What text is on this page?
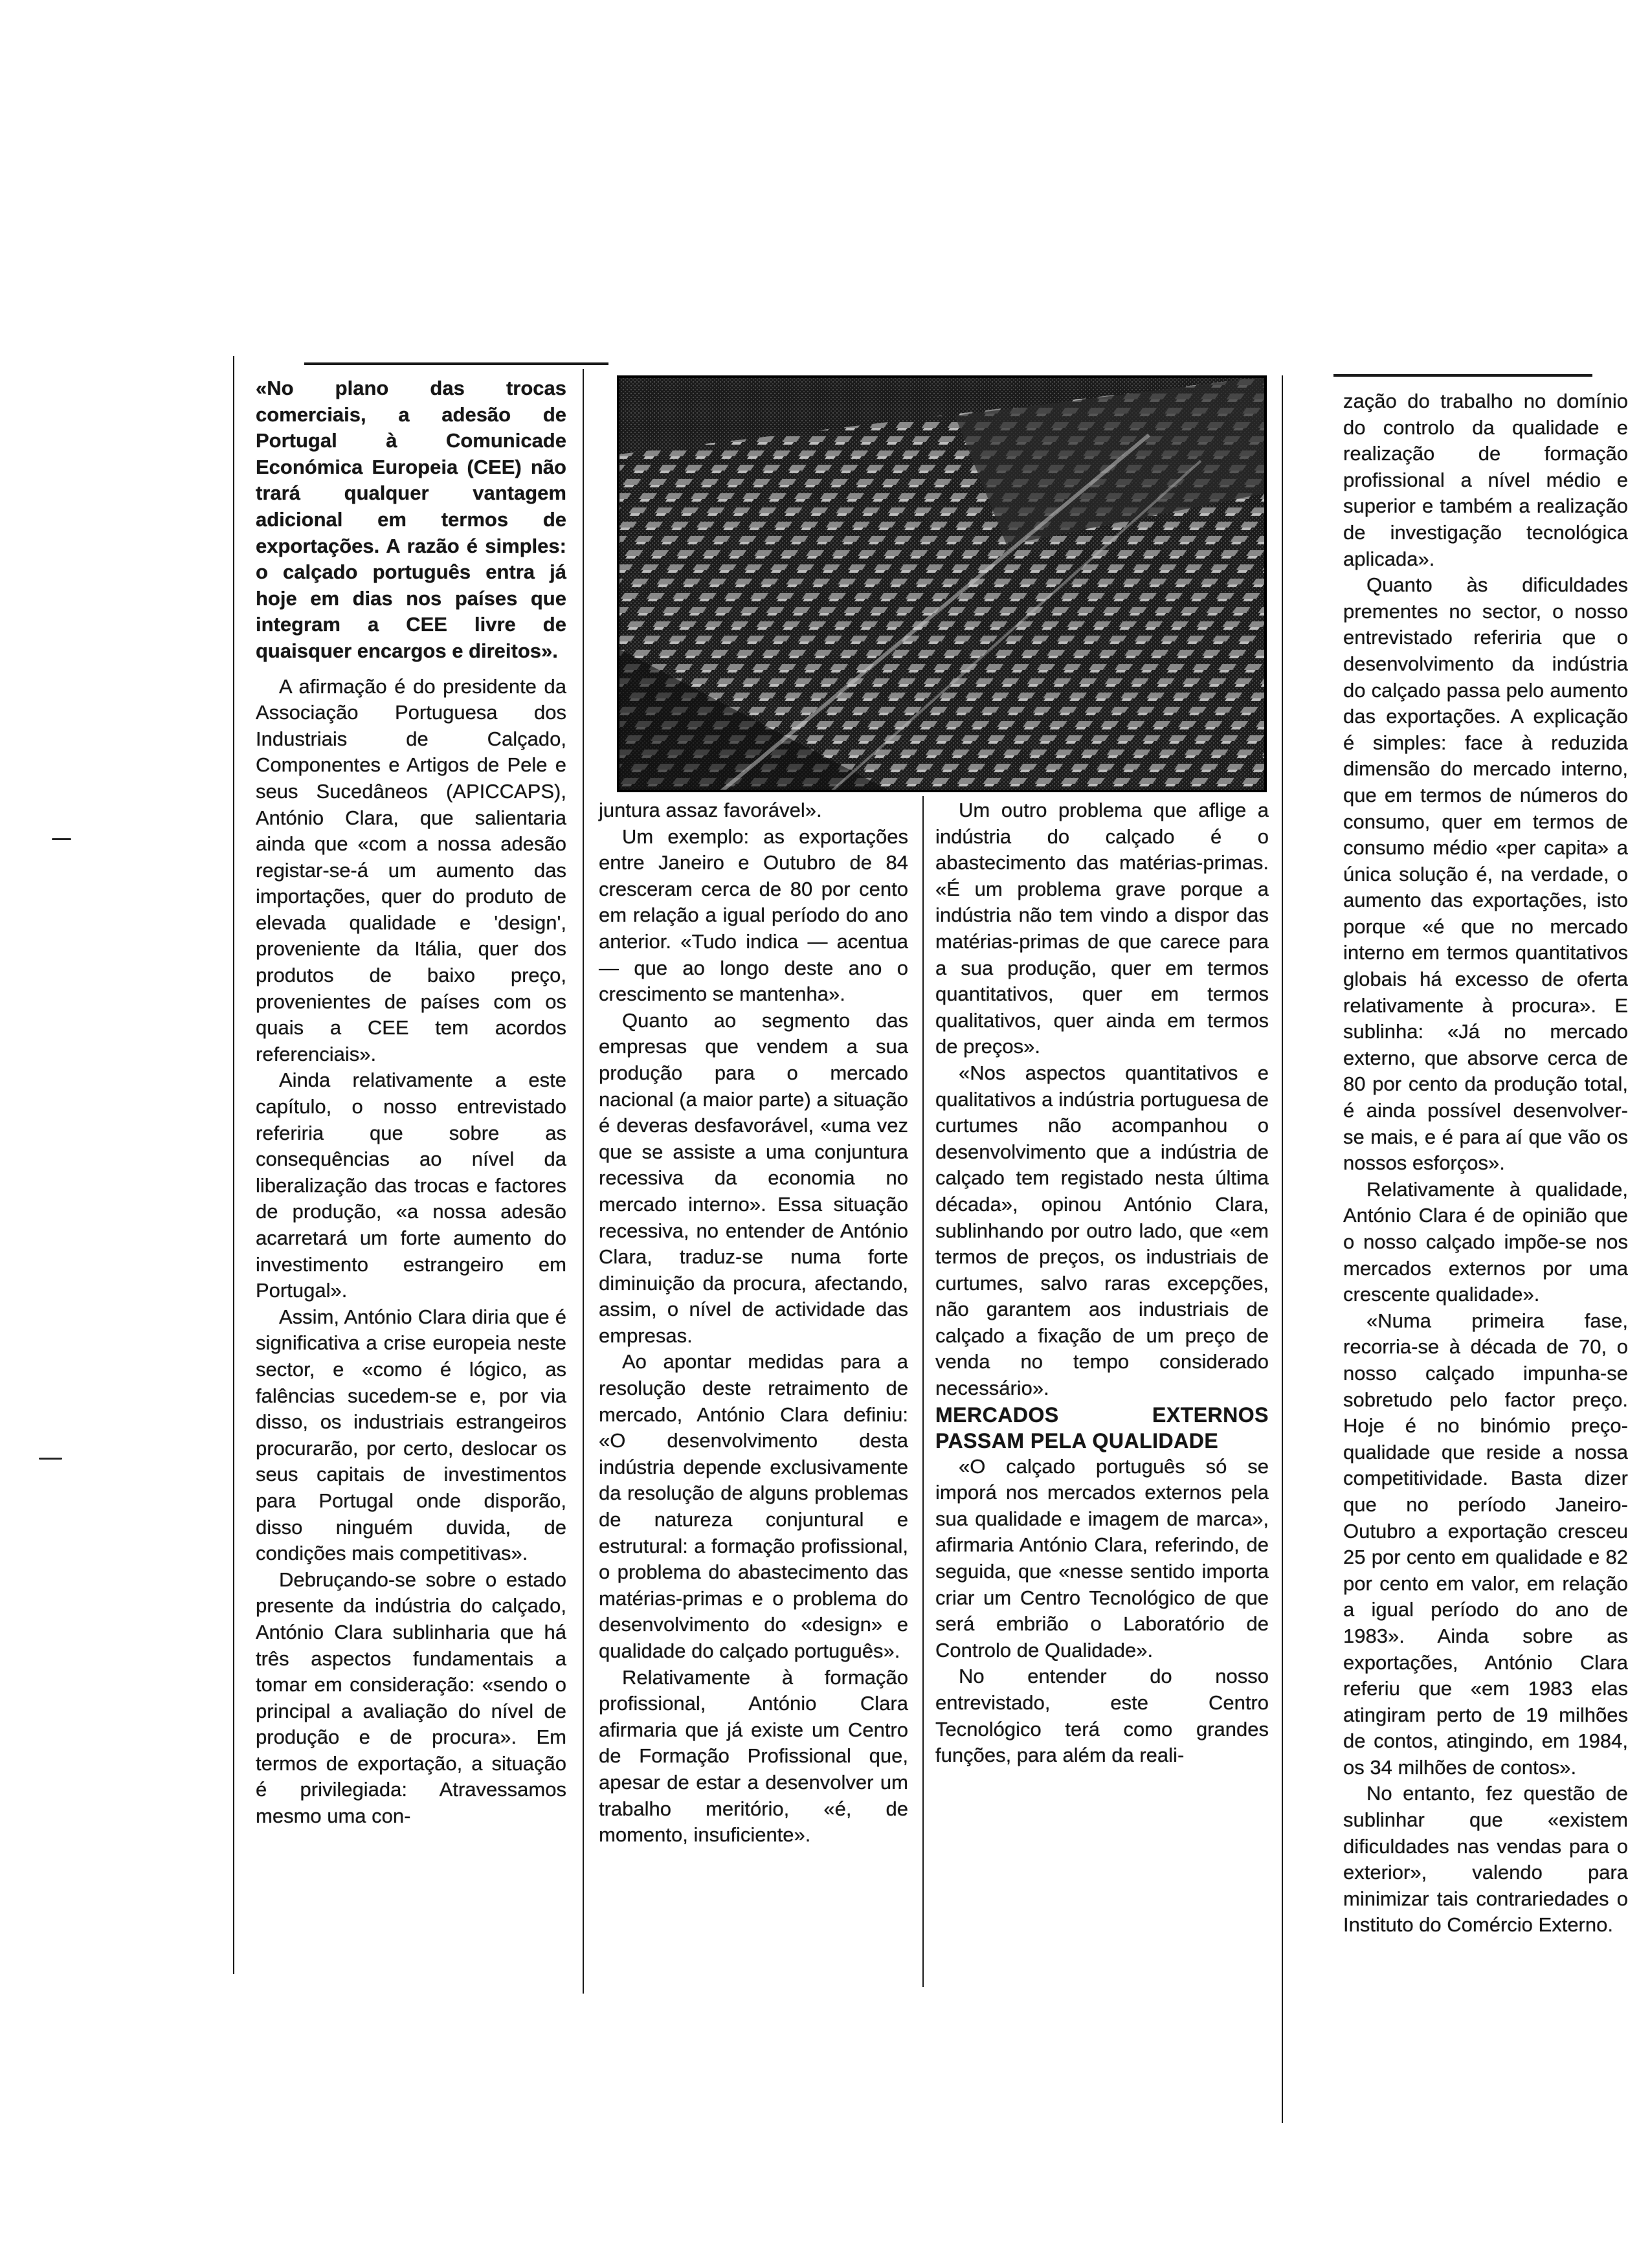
«No plano das trocas comerciais, a adesão de Portugal à Comunicade Económica Europeia (CEE) não trará qualquer vantagem adicional em termos de exportações. A razão é simples: o calçado português entra já hoje em dias nos países que integram a CEE livre de quaisquer encargos e direitos».

A afirmação é do presidente da Associação Portuguesa dos Industriais de Calçado, Componentes e Artigos de Pele e seus Sucedâneos (APICCAPS), António Clara, que salientaria ainda que «com a nossa adesão registar-se-á um aumento das importações, quer do produto de elevada qualidade e 'design', proveniente da Itália, quer dos produtos de baixo preço, provenientes de países com os quais a CEE tem acordos referenciais».

Ainda relativamente a este capítulo, o nosso entrevistado referiria que sobre as consequências ao nível da liberalização das trocas e factores de produção, «a nossa adesão acarretará um forte aumento do investimento estrangeiro em Portugal».

Assim, António Clara diria que é significativa a crise europeia neste sector, e «como é lógico, as falências sucedem-se e, por via disso, os industriais estrangeiros procurarão, por certo, deslocar os seus capitais de investimentos para Portugal onde disporão, disso ninguém duvida, de condições mais competitivas».

Debruçando-se sobre o estado presente da indústria do calçado, António Clara sublinharia que há três aspectos fundamentais a tomar em consideração: «sendo o principal a avaliação do nível de produção e de procura». Em termos de exportação, a situação é privilegiada: Atravessamos mesmo uma con-

juntura assaz favorável».

Um exemplo: as exportações entre Janeiro e Outubro de 84 cresceram cerca de 80 por cento em relação a igual período do ano anterior. «Tudo indica — acentua — que ao longo deste ano o crescimento se mantenha».

Quanto ao segmento das empresas que vendem a sua produção para o mercado nacional (a maior parte) a situação é deveras desfavorável, «uma vez que se assiste a uma conjuntura recessiva da economia no mercado interno». Essa situação recessiva, no entender de António Clara, traduz-se numa forte diminuição da procura, afectando, assim, o nível de actividade das empresas.

Ao apontar medidas para a resolução deste retraimento de mercado, António Clara definiu: «O desenvolvimento desta indústria depende exclusivamente da resolução de alguns problemas de natureza conjuntural e estrutural: a formação profissional, o problema do abastecimento das matérias-primas e o problema do desenvolvimento do «design» e qualidade do calçado português».

Relativamente à formação profissional, António Clara afirmaria que já existe um Centro de Formação Profissional que, apesar de estar a desenvolver um trabalho meritório, «é, de momento, insuficiente».

Um outro problema que aflige a indústria do calçado é o abastecimento das matérias-primas. «É um problema grave porque a indústria não tem vindo a dispor das matérias-primas de que carece para a sua produção, quer em termos quantitativos, quer em termos qualitativos, quer ainda em termos de preços».

«Nos aspectos quantitativos e qualitativos a indústria portuguesa de curtumes não acompanhou o desenvolvimento que a indústria de calçado tem registado nesta última década», opinou António Clara, sublinhando por outro lado, que «em termos de preços, os industriais de curtumes, salvo raras excepções, não garantem aos industriais de calçado a fixação de um preço de venda no tempo considerado necessário».

MERCADOS EXTERNOS PASSAM PELA QUALIDADE

«O calçado português só se imporá nos mercados externos pela sua qualidade e imagem de marca», afirmaria António Clara, referindo, de seguida, que «nesse sentido importa criar um Centro Tecnológico de que será embrião o Laboratório de Controlo de Qualidade».

No entender do nosso entrevistado, este Centro Tecnológico terá como grandes funções, para além da reali-

zação do trabalho no domínio do controlo da qualidade e realização de formação profissional a nível médio e superior e também a realização de investigação tecnológica aplicada».

Quanto às dificuldades prementes no sector, o nosso entrevistado referiria que o desenvolvimento da indústria do calçado passa pelo aumento das exportações. A explicação é simples: face à reduzida dimensão do mercado interno, que em termos de números do consumo, quer em termos de consumo médio «per capita» a única solução é, na verdade, o aumento das exportações, isto porque «é que no mercado interno em termos quantitativos globais há excesso de oferta relativamente à procura». E sublinha: «Já no mercado externo, que absorve cerca de 80 por cento da produção total, é ainda possível desenvolver-se mais, e é para aí que vão os nossos esforços».

Relativamente à qualidade, António Clara é de opinião que o nosso calçado impõe-se nos mercados externos por uma crescente qualidade».

«Numa primeira fase, recorria-se à década de 70, o nosso calçado impunha-se sobretudo pelo factor preço. Hoje é no binómio preço-qualidade que reside a nossa competitividade. Basta dizer que no período Janeiro-Outubro a exportação cresceu 25 por cento em qualidade e 82 por cento em valor, em relação a igual período do ano de 1983». Ainda sobre as exportações, António Clara referiu que «em 1983 elas atingiram perto de 19 milhões de contos, atingindo, em 1984, os 34 milhões de contos».

No entanto, fez questão de sublinhar que «existem dificuldades nas vendas para o exterior», valendo para minimizar tais contrariedades o Instituto do Comércio Externo.
